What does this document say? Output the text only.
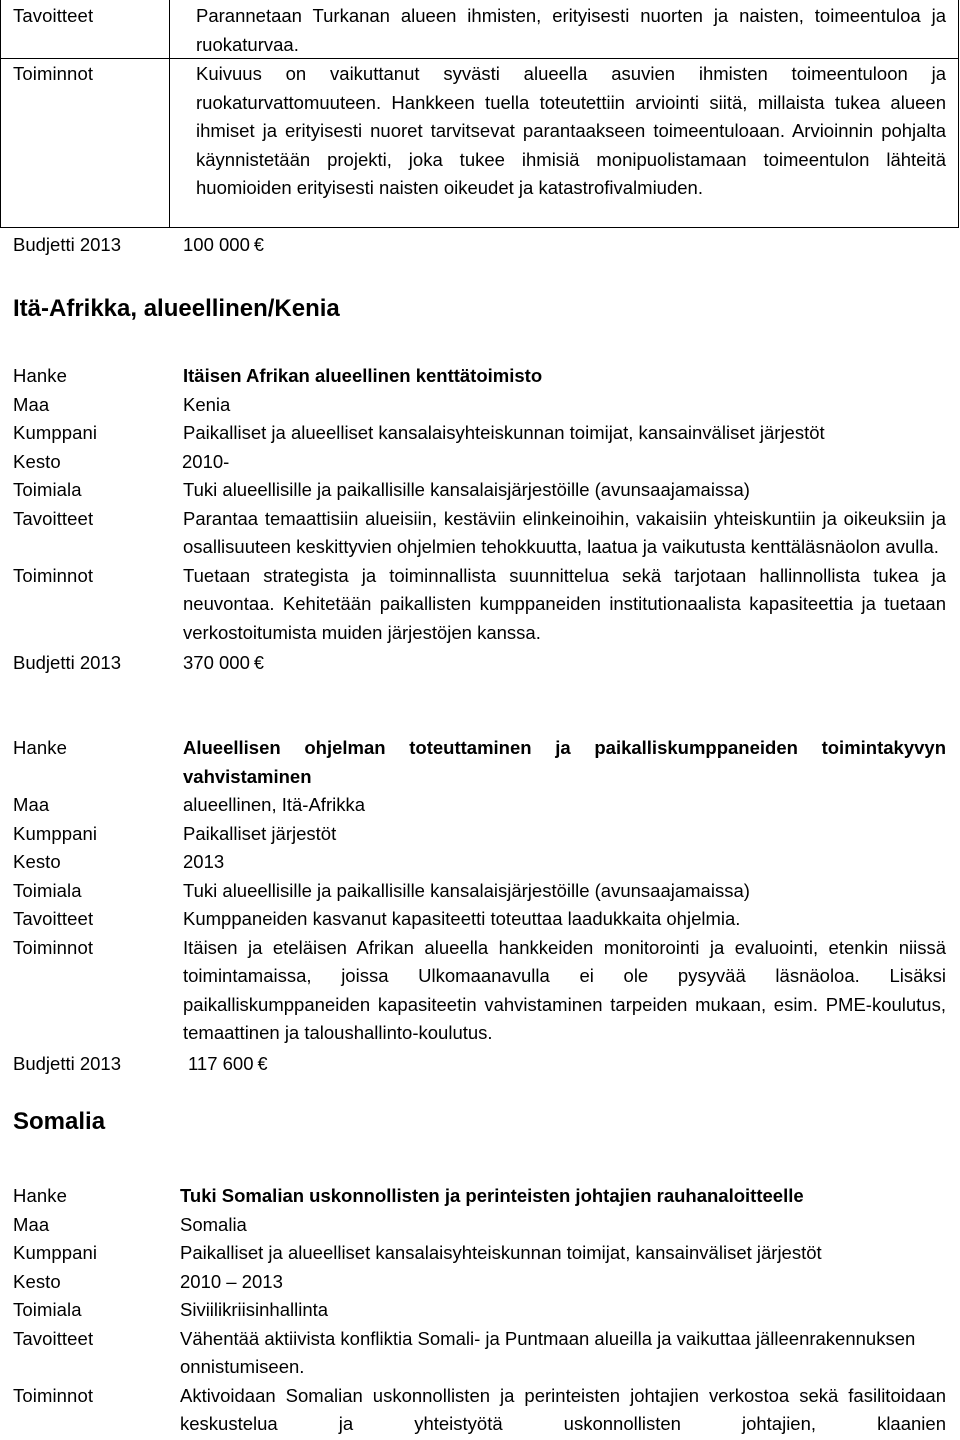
Tavoitteet	Parannetaan Turkanan alueen ihmisten, erityisesti nuorten ja naisten, toimeentuloa ja ruokaturvaa.
Toiminnot	Kuivuus on vaikuttanut syvästi alueella asuvien ihmisten toimeentuloon ja ruokaturvattomuuteen. Hankkeen tuella toteutettiin arviointi siitä, millaista tukea alueen ihmiset ja erityisesti nuoret tarvitsevat parantaakseen toimeentuloaan. Arvioinnin pohjalta käynnistetään projekti, joka tukee ihmisiä monipuolistamaan toimeentulon lähteitä huomioiden erityisesti naisten oikeudet ja katastrofivalmiuden.
Budjetti 2013	100 000 €
Itä-Afrikka, alueellinen/Kenia
Hanke	Itäisen Afrikan alueellinen kenttätoimisto
Maa	Kenia
Kumppani	Paikalliset ja alueelliset kansalaisyhteiskunnan toimijat, kansainväliset järjestöt
Kesto	2010-
Toimiala	Tuki alueellisille ja paikallisille kansalaisjärjestöille (avunsaajamaissa)
Tavoitteet	Parantaa temaattisiin alueisiin, kestäviin elinkeinoihin, vakaisiin yhteiskuntiin ja oikeuksiin ja osallisuuteen keskittyvien ohjelmien tehokkuutta, laatua ja vaikutusta kenttäläsnäolon avulla.
Toiminnot	Tuetaan strategista ja toiminnallista suunnittelua sekä tarjotaan hallinnollista tukea ja neuvontaa. Kehitetään paikallisten kumppaneiden institutionaalista kapasiteettia ja tuetaan verkostoitumista muiden järjestöjen kanssa.
Budjetti 2013	370 000 €
Hanke	Alueellisen ohjelman toteuttaminen ja paikalliskumppaneiden toimintakyvyn vahvistaminen
Maa	alueellinen, Itä-Afrikka
Kumppani	Paikalliset järjestöt
Kesto	2013
Toimiala	Tuki alueellisille ja paikallisille kansalaisjärjestöille (avunsaajamaissa)
Tavoitteet	Kumppaneiden kasvanut kapasiteetti toteuttaa laadukkaita ohjelmia.
Toiminnot	Itäisen ja eteläisen Afrikan alueella hankkeiden monitorointi ja evaluointi, etenkin niissä toimintamaissa, joissa Ulkomaanavulla ei ole pysyvää läsnäoloa. Lisäksi paikalliskumppaneiden kapasiteetin vahvistaminen tarpeiden mukaan, esim. PME-koulutus, temaattinen ja taloushallinto-koulutus.
Budjetti 2013	117 600 €
Somalia
Hanke	Tuki Somalian uskonnollisten ja perinteisten johtajien rauhanaloitteelle
Maa	Somalia
Kumppani	Paikalliset ja alueelliset kansalaisyhteiskunnan toimijat, kansainväliset järjestöt
Kesto	2010 – 2013
Toimiala	Siviilikriisinhallinta
Tavoitteet	Vähentää aktiivista konfliktia Somali- ja Puntmaan alueilla ja vaikuttaa jälleenrakennuksen onnistumiseen.
Toiminnot	Aktivoidaan Somalian uskonnollisten ja perinteisten johtajien verkostoa sekä fasilitoidaan keskustelua ja yhteistyötä uskonnollisten johtajien, klaanien
